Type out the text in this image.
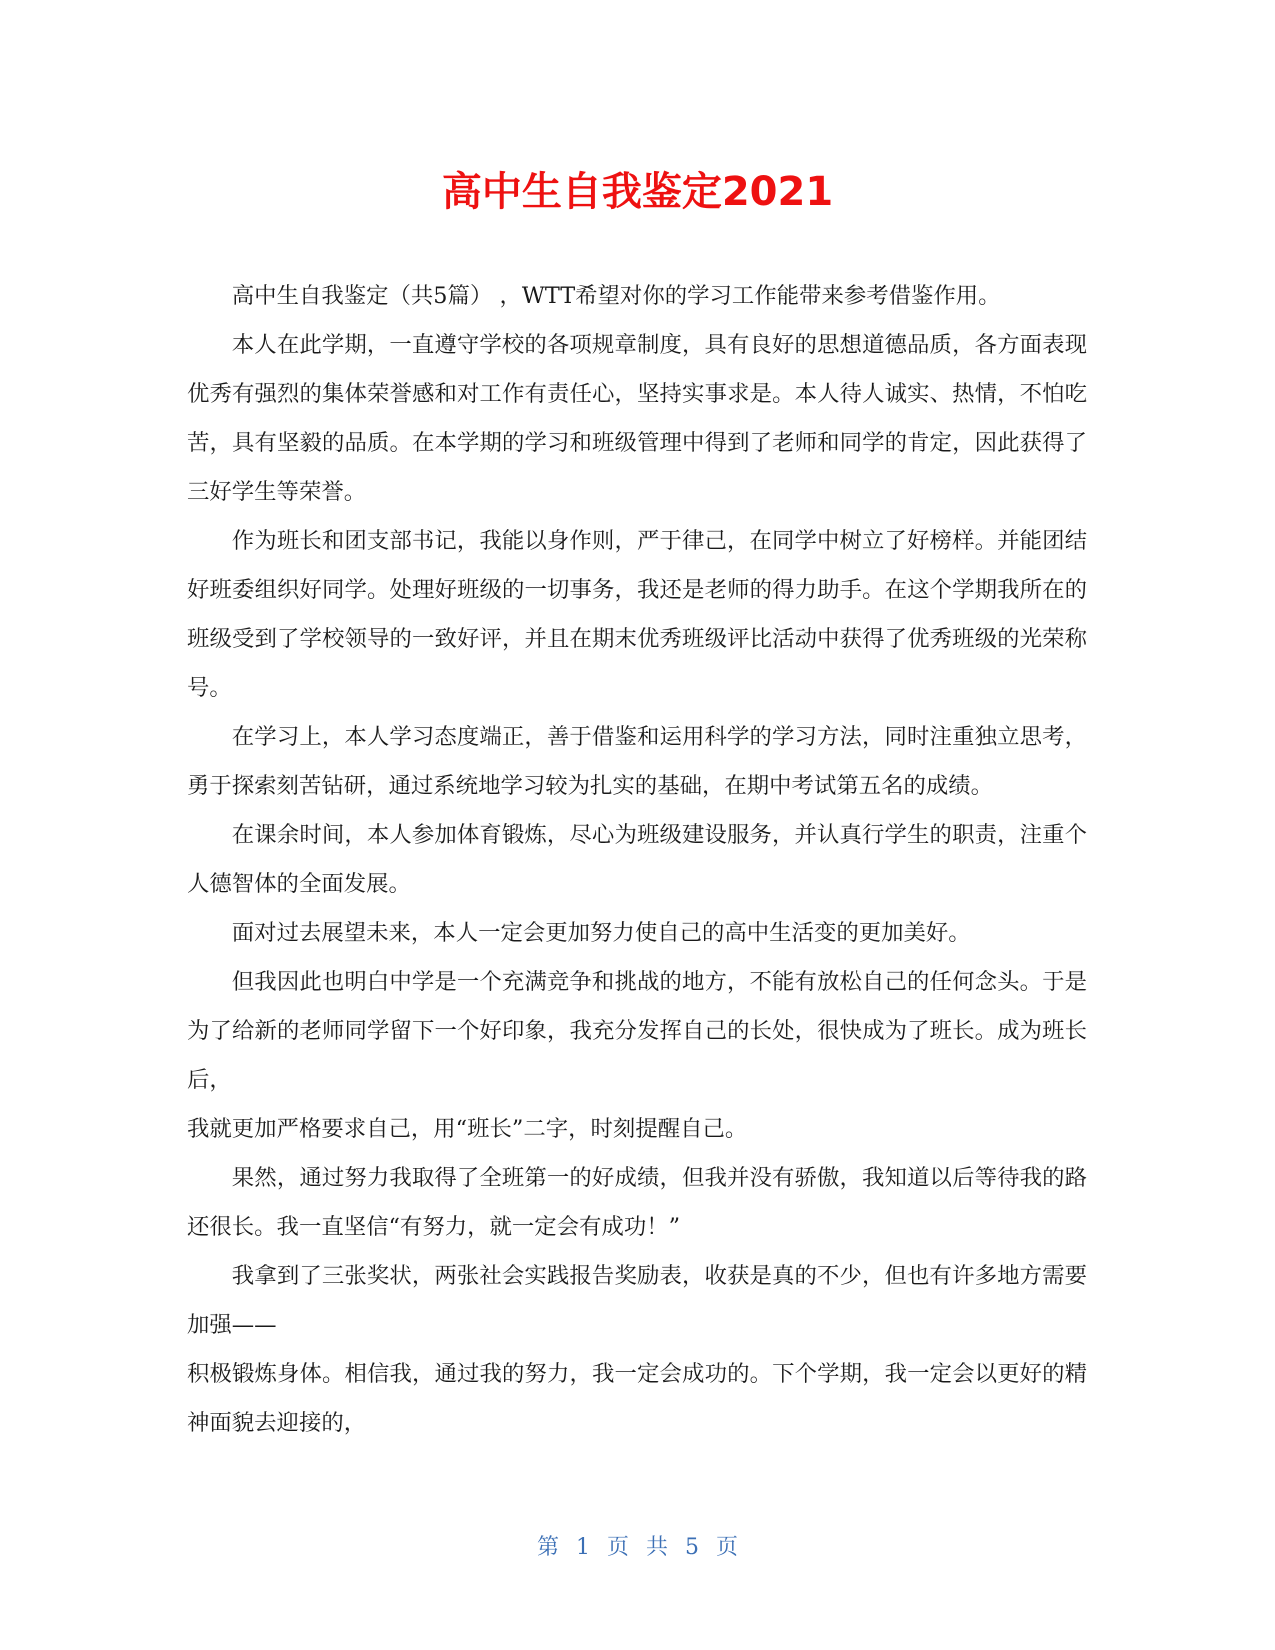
高中生自我鉴定2021

高中生自我鉴定（共5篇） ，WTT希望对你的学习工作能带来参考借鉴作用。

本人在此学期，一直遵守学校的各项规章制度，具有良好的思想道德品质，各方面表现优秀有强烈的集体荣誉感和对工作有责任心，坚持实事求是。本人待人诚实、热情，不怕吃苦，具有坚毅的品质。在本学期的学习和班级管理中得到了老师和同学的肯定，因此获得了三好学生等荣誉。

作为班长和团支部书记，我能以身作则，严于律己，在同学中树立了好榜样。并能团结好班委组织好同学。处理好班级的一切事务，我还是老师的得力助手。在这个学期我所在的班级受到了学校领导的一致好评，并且在期末优秀班级评比活动中获得了优秀班级的光荣称号。

在学习上，本人学习态度端正，善于借鉴和运用科学的学习方法，同时注重独立思考，勇于探索刻苦钻研，通过系统地学习较为扎实的基础，在期中考试第五名的成绩。

在课余时间，本人参加体育锻炼，尽心为班级建设服务，并认真行学生的职责，注重个人德智体的全面发展。

面对过去展望未来，本人一定会更加努力使自己的高中生活变的更加美好。

但我因此也明白中学是一个充满竞争和挑战的地方，不能有放松自己的任何念头。于是为了给新的老师同学留下一个好印象，我充分发挥自己的长处，很快成为了班长。成为班长后，

我就更加严格要求自己，用“班长”二字，时刻提醒自己。

果然，通过努力我取得了全班第一的好成绩，但我并没有骄傲，我知道以后等待我的路还很长。我一直坚信“有努力，就一定会有成功！”

我拿到了三张奖状，两张社会实践报告奖励表，收获是真的不少，但也有许多地方需要加强——

积极锻炼身体。相信我，通过我的努力，我一定会成功的。下个学期，我一定会以更好的精神面貌去迎接的，

第 1 页 共 5 页
